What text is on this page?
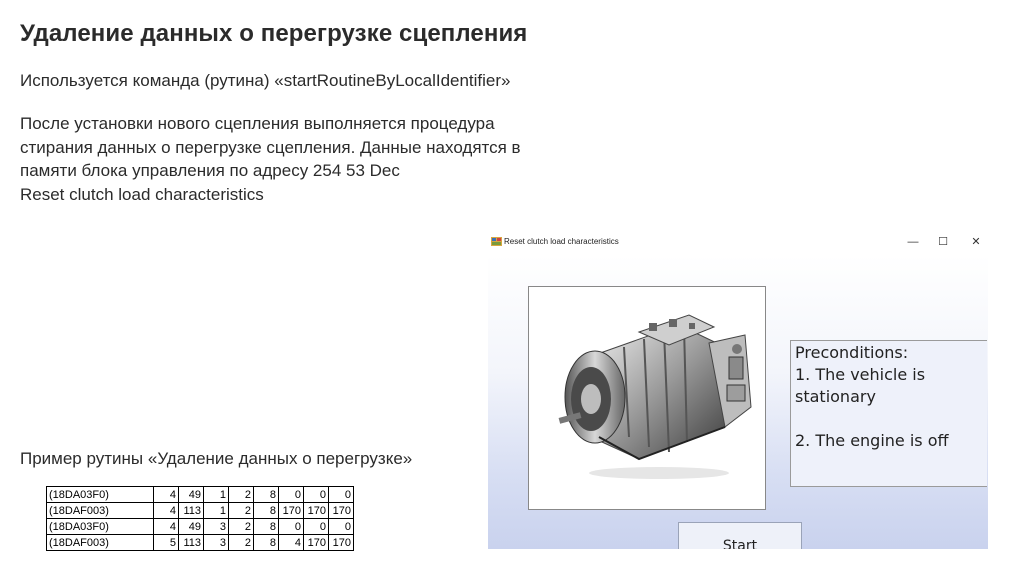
Удаление данных о перегрузке сцепления
Используется команда (рутина) «startRoutineByLocalIdentifier»
После установки нового сцепления выполняется процедура
стирания данных о перегрузке сцепления. Данные находятся в
памяти блока управления по адресу 254 53 Dec
Reset clutch load characteristics
Пример рутины «Удаление данных о перегрузке»
(18DA03F0)	4	49	1	2	8	0	0	0
(18DAF003)	4	113	1	2	8	170	170	170
(18DA03F0)	4	49	3	2	8	0	0	0
(18DAF003)	5	113	3	2	8	4	170	170
Reset clutch load characteristics	— ☐	✕
Preconditions:
1. The vehicle is
stationary
2. The engine is off
Start
